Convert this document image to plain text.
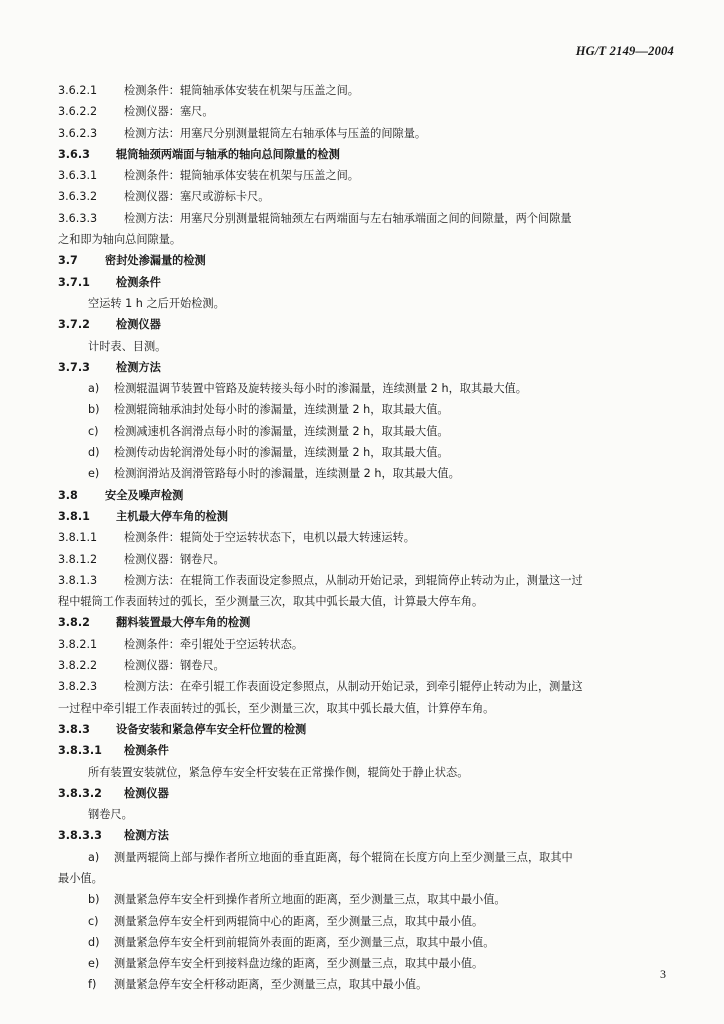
HG/T 2149—2004
3.6.2.1 检测条件：辊筒轴承体安装在机架与压盖之间。
3.6.2.2 检测仪器：塞尺。
3.6.2.3 检测方法：用塞尺分别测量辊筒左右轴承体与压盖的间隙量。
3.6.3 辊筒轴颈两端面与轴承的轴向总间隙量的检测
3.6.3.1 检测条件：辊筒轴承体安装在机架与压盖之间。
3.6.3.2 检测仪器：塞尺或游标卡尺。
3.6.3.3 检测方法：用塞尺分别测量辊筒轴颈左右两端面与左右轴承端面之间的间隙量，两个间隙量
之和即为轴向总间隙量。
3.7 密封处渗漏量的检测
3.7.1 检测条件
空运转 1 h 之后开始检测。
3.7.2 检测仪器
计时表、目测。
3.7.3 检测方法
a) 检测辊温调节装置中管路及旋转接头每小时的渗漏量，连续测量 2 h，取其最大值。
b) 检测辊筒轴承油封处每小时的渗漏量，连续测量 2 h，取其最大值。
c) 检测减速机各润滑点每小时的渗漏量，连续测量 2 h，取其最大值。
d) 检测传动齿轮润滑处每小时的渗漏量，连续测量 2 h，取其最大值。
e) 检测润滑站及润滑管路每小时的渗漏量，连续测量 2 h，取其最大值。
3.8 安全及噪声检测
3.8.1 主机最大停车角的检测
3.8.1.1 检测条件：辊筒处于空运转状态下，电机以最大转速运转。
3.8.1.2 检测仪器：钢卷尺。
3.8.1.3 检测方法：在辊筒工作表面设定参照点，从制动开始记录，到辊筒停止转动为止，测量这一过
程中辊筒工作表面转过的弧长，至少测量三次，取其中弧长最大值，计算最大停车角。
3.8.2 翻料装置最大停车角的检测
3.8.2.1 检测条件：牵引辊处于空运转状态。
3.8.2.2 检测仪器：钢卷尺。
3.8.2.3 检测方法：在牵引辊工作表面设定参照点，从制动开始记录，到牵引辊停止转动为止，测量这
一过程中牵引辊工作表面转过的弧长，至少测量三次，取其中弧长最大值，计算停车角。
3.8.3 设备安装和紧急停车安全杆位置的检测
3.8.3.1 检测条件
所有装置安装就位，紧急停车安全杆安装在正常操作侧，辊筒处于静止状态。
3.8.3.2 检测仪器
钢卷尺。
3.8.3.3 检测方法
a) 测量两辊筒上部与操作者所立地面的垂直距离，每个辊筒在长度方向上至少测量三点，取其中
最小值。
b) 测量紧急停车安全杆到操作者所立地面的距离，至少测量三点，取其中最小值。
c) 测量紧急停车安全杆到两辊筒中心的距离，至少测量三点，取其中最小值。
d) 测量紧急停车安全杆到前辊筒外表面的距离，至少测量三点，取其中最小值。
e) 测量紧急停车安全杆到接料盘边缘的距离，至少测量三点，取其中最小值。
f) 测量紧急停车安全杆移动距离，至少测量三点，取其中最小值。
3
